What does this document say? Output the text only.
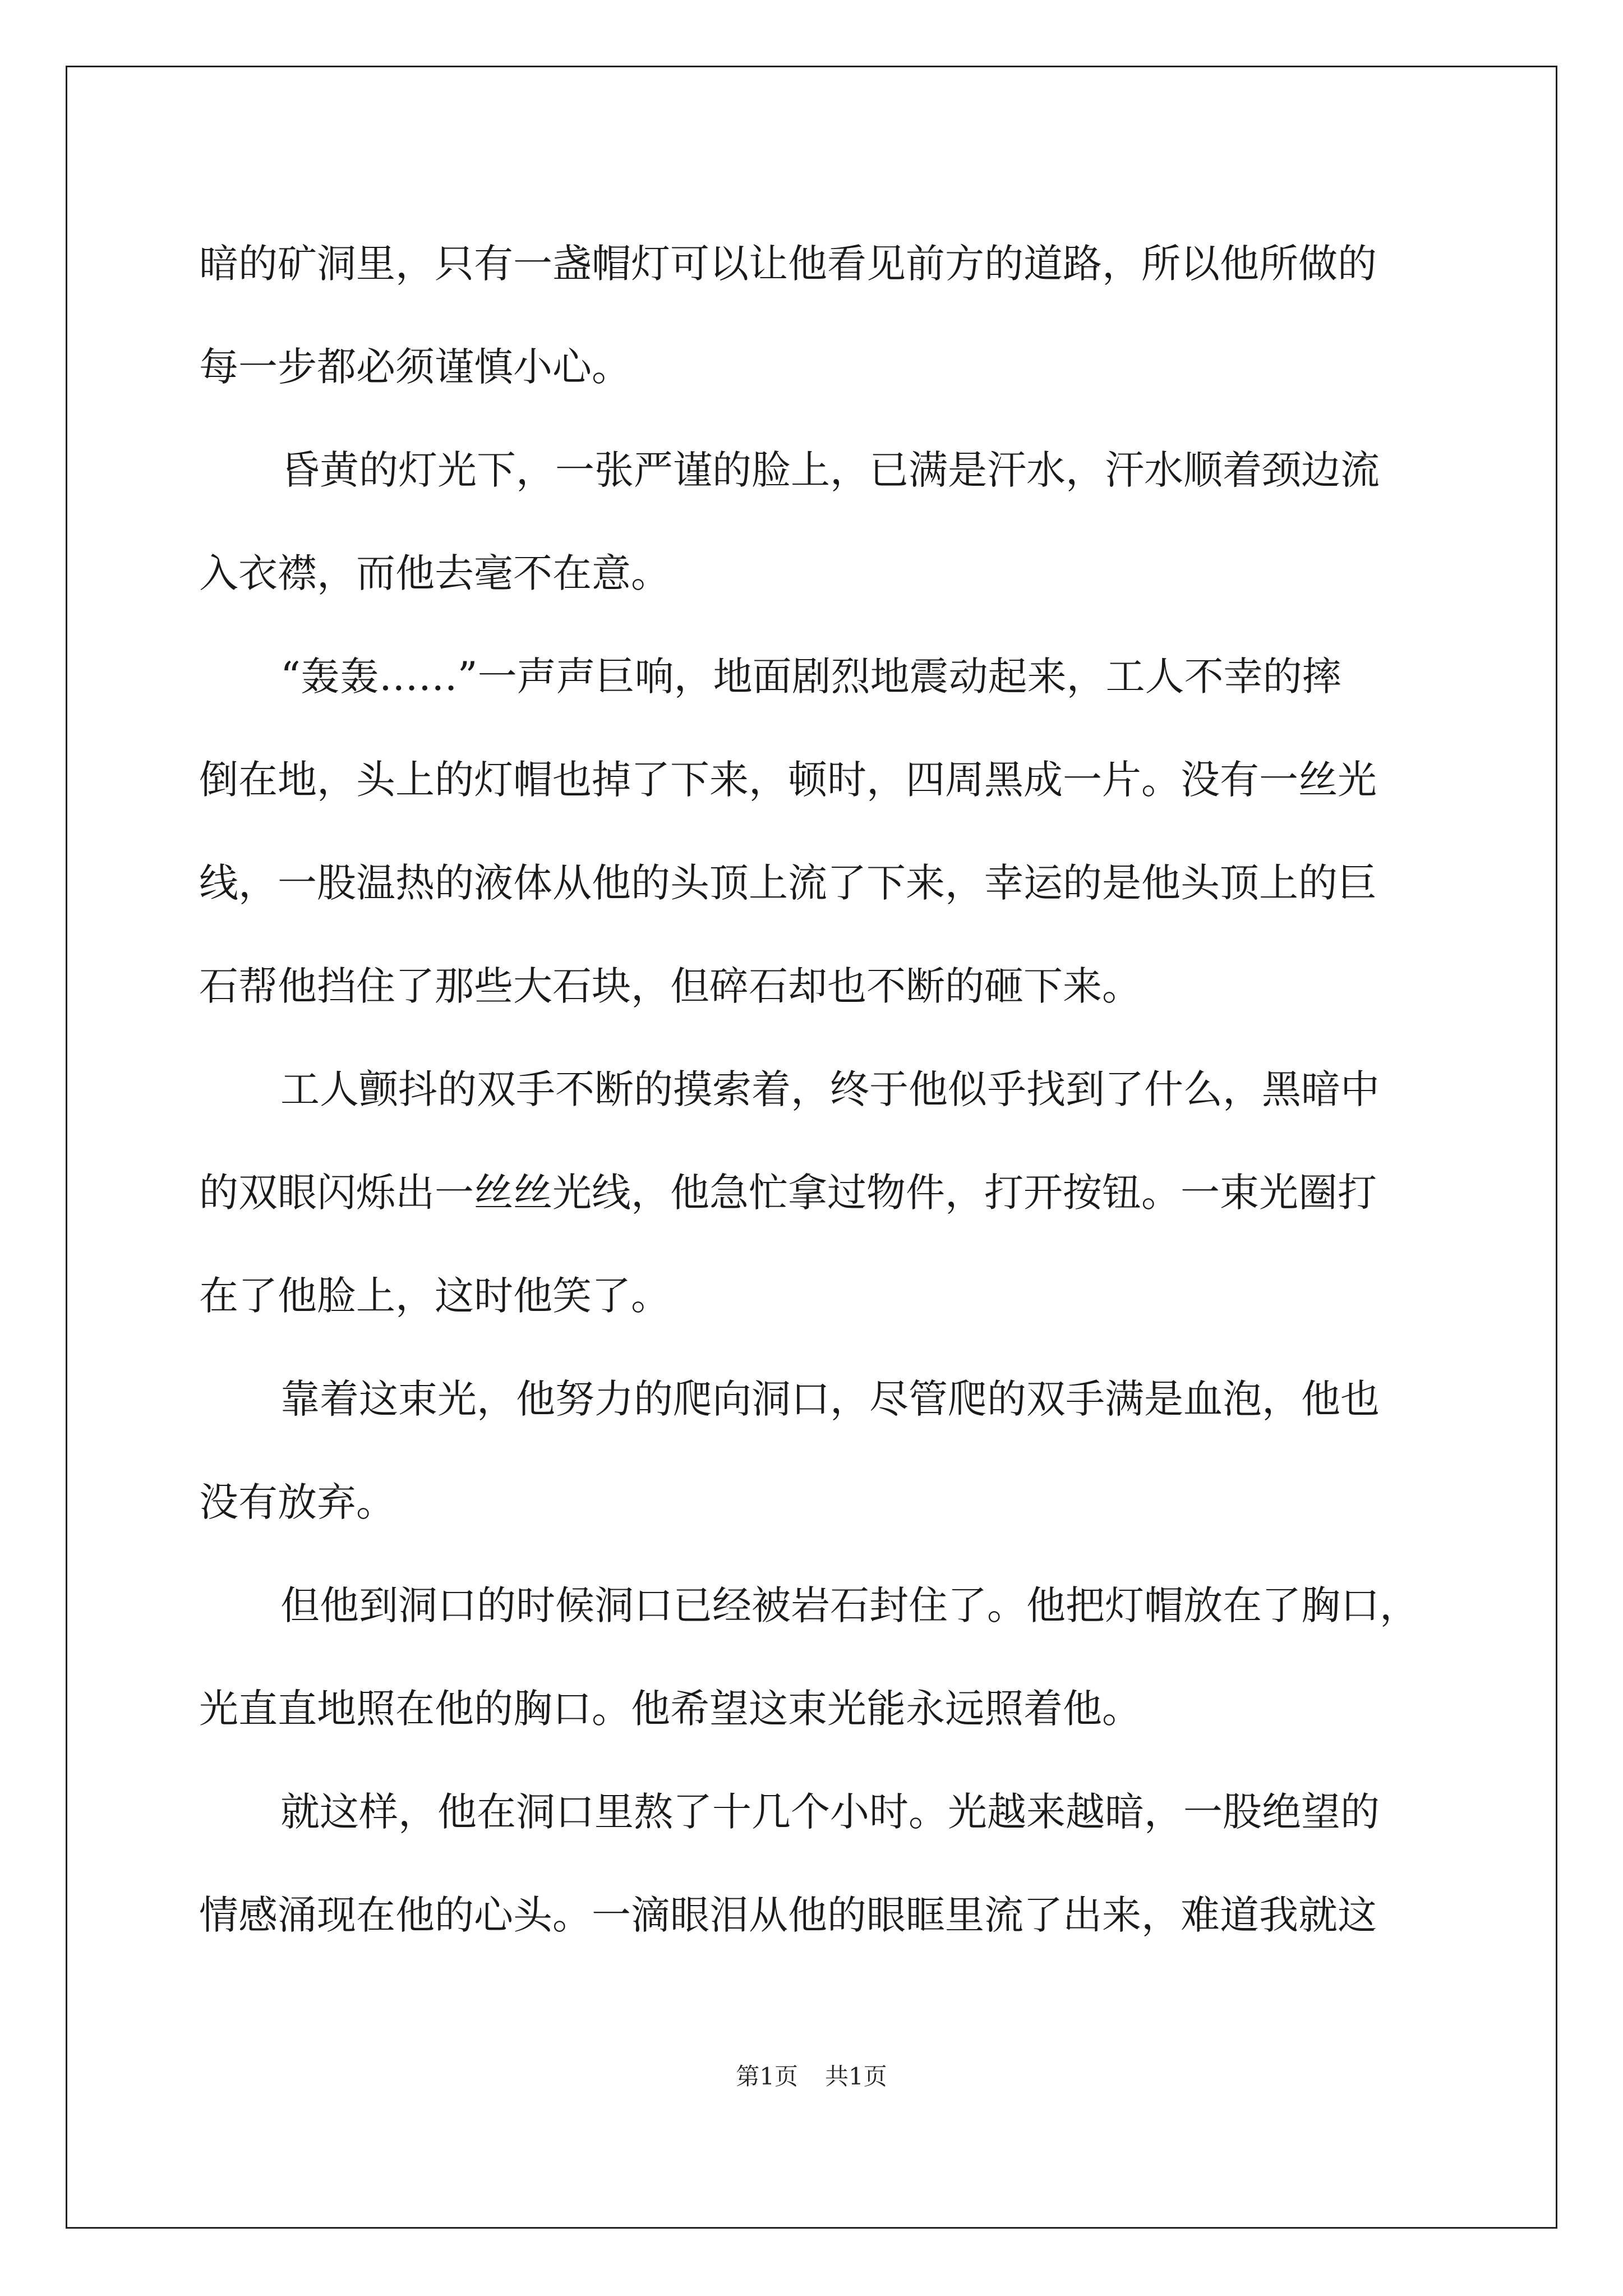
暗的矿洞里，只有一盏帽灯可以让他看见前方的道路，所以他所做的
每一步都必须谨慎小心。
昏黄的灯光下，一张严谨的脸上，已满是汗水，汗水顺着颈边流
入衣襟，而他去毫不在意。
“轰轰……”一声声巨响，地面剧烈地震动起来，工人不幸的摔
倒在地，头上的灯帽也掉了下来，顿时，四周黑成一片。没有一丝光
线，一股温热的液体从他的头顶上流了下来，幸运的是他头顶上的巨
石帮他挡住了那些大石块，但碎石却也不断的砸下来。
工人颤抖的双手不断的摸索着，终于他似乎找到了什么，黑暗中
的双眼闪烁出一丝丝光线，他急忙拿过物件，打开按钮。一束光圈打
在了他脸上，这时他笑了。
靠着这束光，他努力的爬向洞口，尽管爬的双手满是血泡，他也
没有放弃。
但他到洞口的时候洞口已经被岩石封住了。他把灯帽放在了胸口，
光直直地照在他的胸口。他希望这束光能永远照着他。
就这样，他在洞口里熬了十几个小时。光越来越暗，一股绝望的
情感涌现在他的心头。一滴眼泪从他的眼眶里流了出来，难道我就这
第1页 共1页
